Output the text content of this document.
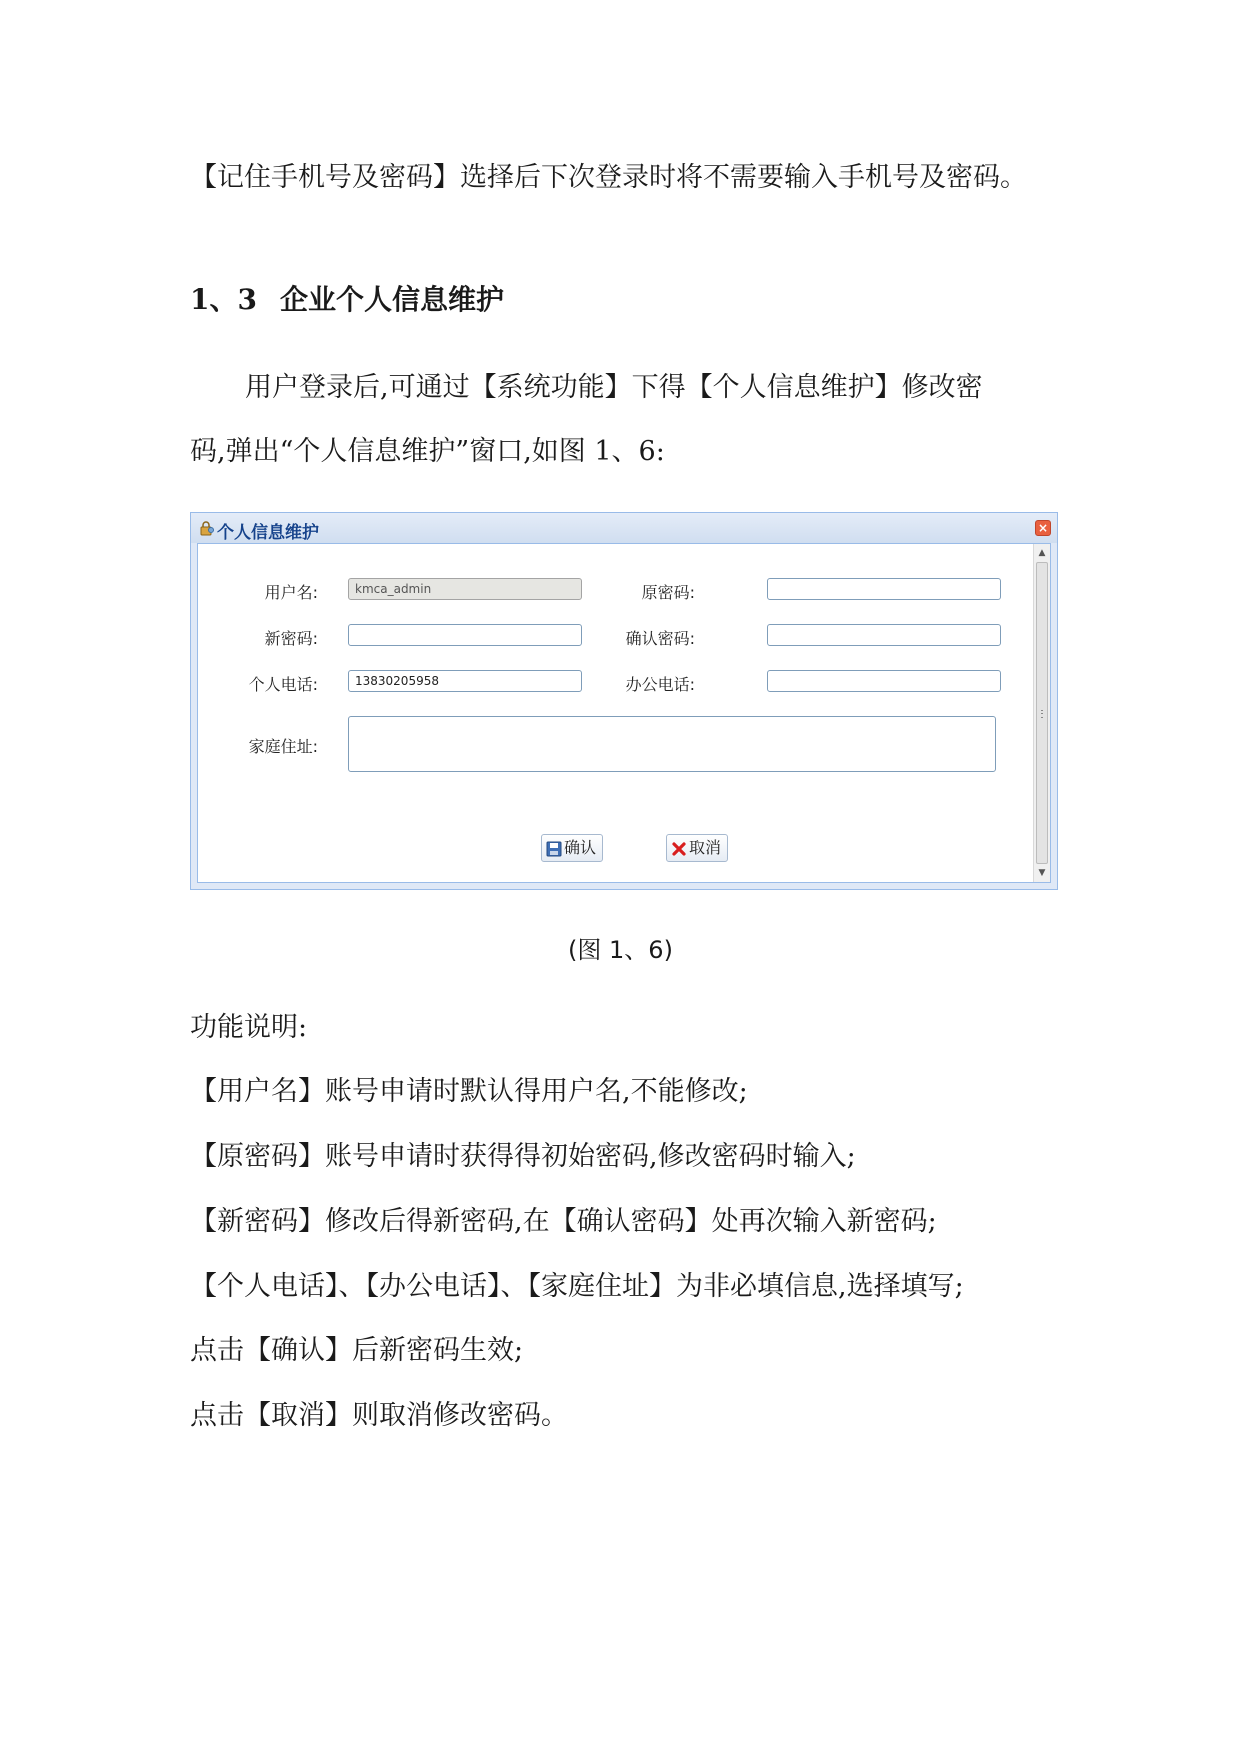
【记住手机号及密码】选择后下次登录时将不需要输入手机号及密码。

1、3 企业个人信息维护

用户登录后,可通过【系统功能】下得【个人信息维护】修改密

码,弹出“个人信息维护”窗口,如图 1、6:

个人信息维护	×
用户名:	kmca_admin	原密码:
新密码:	确认密码:
个人电话:	13830205958	办公电话:
家庭住址:
确认	取消
▲
▼
(图 1、6)

功能说明:

【用户名】账号申请时默认得用户名,不能修改;

【原密码】账号申请时获得得初始密码,修改密码时输入;

【新密码】修改后得新密码,在【确认密码】处再次输入新密码;

【个人电话】、【办公电话】、【家庭住址】为非必填信息,选择填写;

点击【确认】后新密码生效;

点击【取消】则取消修改密码。
